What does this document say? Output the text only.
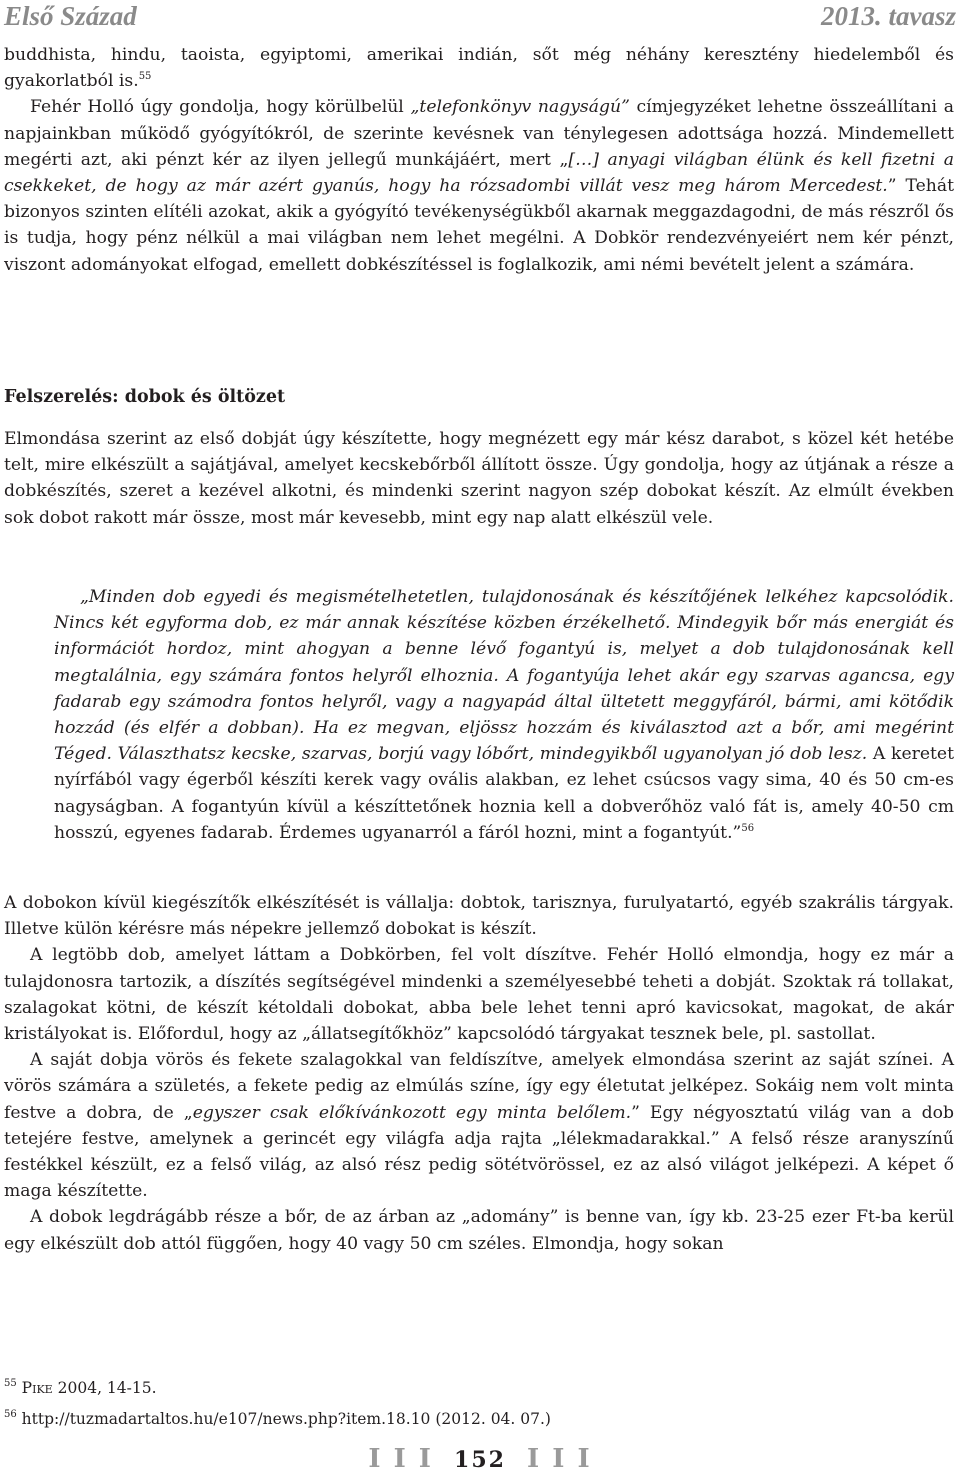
Első Század	2013. tavasz

buddhista, hindu, taoista, egyiptomi, amerikai indián, sőt még néhány keresztény hiedelemből és gyakorlatból is.$^{55}$

Fehér Holló úgy gondolja, hogy körülbelül „telefonkönyv nagyságú” címjegyzéket lehetne összeállítani a napjainkban működő gyógyítókról, de szerinte kevésnek van ténylegesen adottsága hozzá. Mindemellett megérti azt, aki pénzt kér az ilyen jellegű munkájáért, mert „[…] anyagi világban élünk és kell fizetni a csekkeket, de hogy az már azért gyanús, hogy ha rózsadombi villát vesz meg három Mercedest.” Tehát bizonyos szinten elítéli azokat, akik a gyógyító tevékenységükből akarnak meggazdagodni, de más részről ős is tudja, hogy pénz nélkül a mai világban nem lehet megélni. A Dobkör rendezvényeiért nem kér pénzt, viszont adományokat elfogad, emellett dobkészítéssel is foglalkozik, ami némi bevételt jelent a számára.

Felszerelés: dobok és öltözet

Elmondása szerint az első dobját úgy készítette, hogy megnézett egy már kész darabot, s közel két hetébe telt, mire elkészült a sajátjával, amelyet kecskebőrből állított össze. Úgy gondolja, hogy az útjának a része a dobkészítés, szeret a kezével alkotni, és mindenki szerint nagyon szép dobokat készít. Az elmúlt években sok dobot rakott már össze, most már kevesebb, mint egy nap alatt elkészül vele.

„Minden dob egyedi és megismételhetetlen, tulajdonosának és készítőjének lelkéhez kapcsolódik. Nincs két egyforma dob, ez már annak készítése közben érzékelhető. Mindegyik bőr más energiát és információt hordoz, mint ahogyan a benne lévő fogantyú is, melyet a dob tulajdonosának kell megtalálnia, egy számára fontos helyről elhoznia. A fogantyúja lehet akár egy szarvas agancsa, egy fadarab egy számodra fontos helyről, vagy a nagyapád által ültetett meggyfáról, bármi, ami kötődik hozzád (és elfér a dobban). Ha ez megvan, eljössz hozzám és kiválasztod azt a bőr, ami megérint Téged. Választhatsz kecske, szarvas, borjú vagy lóbőrt, mindegyikből ugyanolyan jó dob lesz. A keretet nyírfából vagy égerből készíti kerek vagy ovális alakban, ez lehet csúcsos vagy sima, 40 és 50 cm-es nagyságban. A fogantyún kívül a készíttetőnek hoznia kell a dobverőhöz való fát is, amely 40-50 cm hosszú, egyenes fadarab. Érdemes ugyanarról a fáról hozni, mint a fogantyút.”$^{56}$

A dobokon kívül kiegészítők elkészítését is vállalja: dobtok, tarisznya, furulyatartó, egyéb szakrális tárgyak. Illetve külön kérésre más népekre jellemző dobokat is készít.

A legtöbb dob, amelyet láttam a Dobkörben, fel volt díszítve. Fehér Holló elmondja, hogy ez már a tulajdonosra tartozik, a díszítés segítségével mindenki a személyesebbé teheti a dobját. Szoktak rá tollakat, szalagokat kötni, de készít kétoldali dobokat, abba bele lehet tenni apró kavicsokat, magokat, de akár kristályokat is. Előfordul, hogy az „állatsegítőkhöz” kapcsolódó tárgyakat tesznek bele, pl. sastollat.

A saját dobja vörös és fekete szalagokkal van feldíszítve, amelyek elmondása szerint az saját színei. A vörös számára a születés, a fekete pedig az elmúlás színe, így egy életutat jelképez. Sokáig nem volt minta festve a dobra, de „egyszer csak előkívánkozott egy minta belőlem.” Egy négyosztatú világ van a dob tetejére festve, amelynek a gerincét egy világfa adja rajta „lélekmadarakkal.” A felső része aranyszínű festékkel készült, ez a felső világ, az alsó rész pedig sötétvörössel, ez az alsó világot jelképezi. A képet ő maga készítette.

A dobok legdrágább része a bőr, de az árban az „adomány” is benne van, így kb. 23-25 ezer Ft-ba kerül egy elkészült dob attól függően, hogy 40 vagy 50 cm széles. Elmondja, hogy sokan

$^{55}$ Pike 2004, 14-15.
$^{56}$ http://tuzmadartaltos.hu/e107/news.php?item.18.10 (2012. 04. 07.)
I I I 152 I I I
